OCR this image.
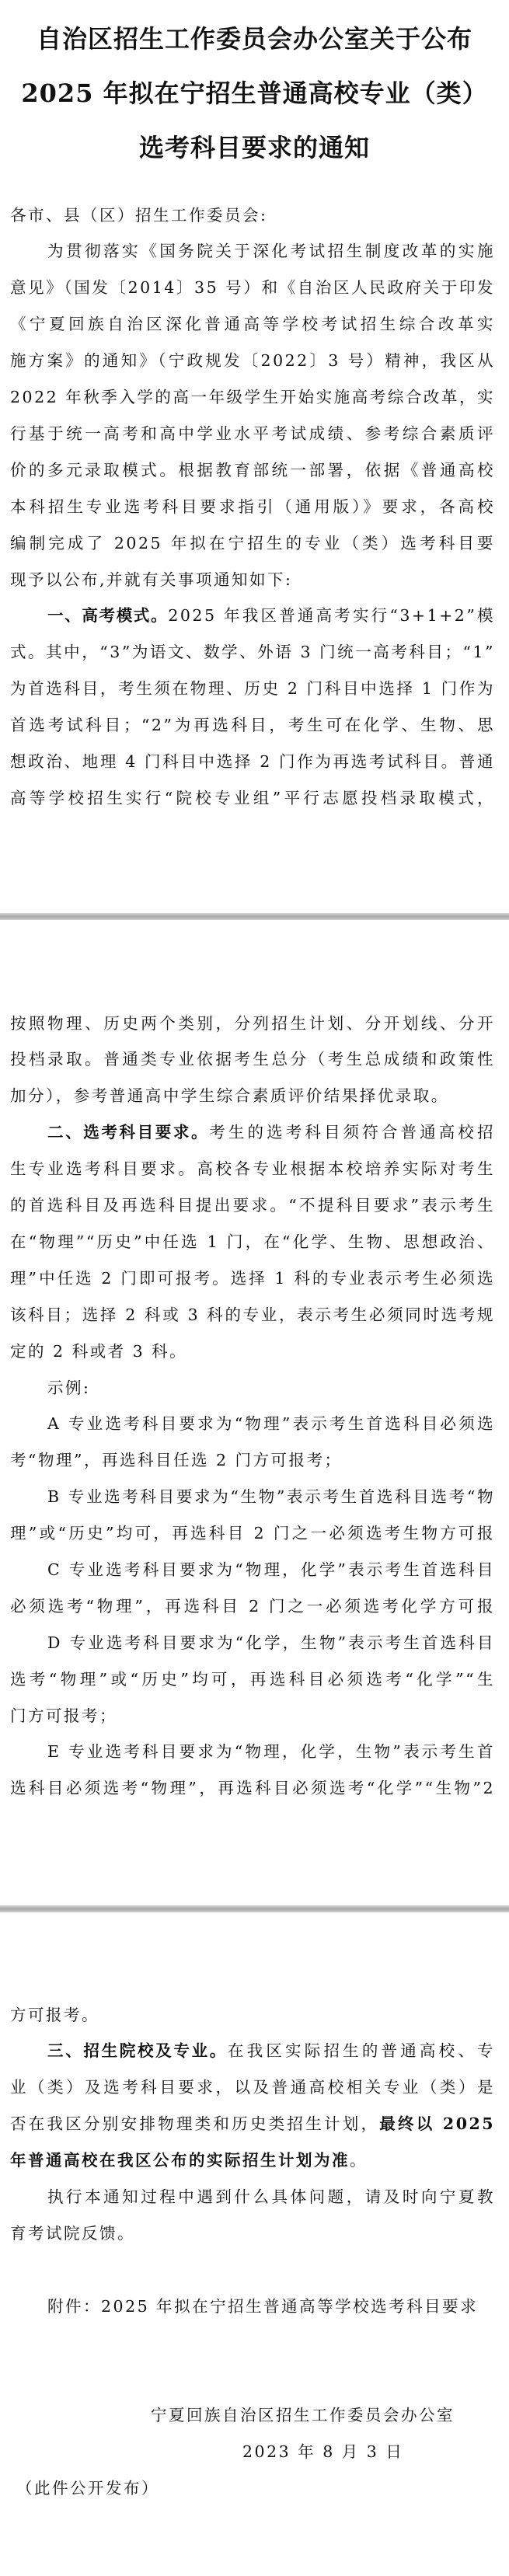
自治区招生工作委员会办公室关于公布
2025 年拟在宁招生普通高校专业（类）
选考科目要求的通知
各市、县（区）招生工作委员会:
为贯彻落实《国务院关于深化考试招生制度改革的实施
意见》（国发〔2014〕35 号）和《自治区人民政府关于印发
《宁夏回族自治区深化普通高等学校考试招生综合改革实
施方案》的通知》（宁政规发〔2022〕3 号）精神，我区从
2022 年秋季入学的高一年级学生开始实施高考综合改革，实
行基于统一高考和高中学业水平考试成绩、参考综合素质评
价的多元录取模式。根据教育部统一部署，依据《普通高校
本科招生专业选考科目要求指引（通用版）》要求，各高校
编制完成了 2025 年拟在宁招生的专业（类）选考科目要
现予以公布,并就有关事项通知如下:
一、高考模式。2025 年我区普通高考实行“3+1+2”模
式。其中，“3”为语文、数学、外语 3 门统一高考科目；“1”
为首选科目，考生须在物理、历史 2 门科目中选择 1 门作为
首选考试科目；“2”为再选科目，考生可在化学、生物、思
想政治、地理 4 门科目中选择 2 门作为再选考试科目。普通
高等学校招生实行“院校专业组”平行志愿投档录取模式，
按照物理、历史两个类别，分列招生计划、分开划线、分开
投档录取。普通类专业依据考生总分（考生总成绩和政策性
加分），参考普通高中学生综合素质评价结果择优录取。
二、选考科目要求。考生的选考科目须符合普通高校招
生专业选考科目要求。高校各专业根据本校培养实际对考生
的首选科目及再选科目提出要求。“不提科目要求”表示考生
在“物理”“历史”中任选 1 门，在“化学、生物、思想政治、
理”中任选 2 门即可报考。选择 1 科的专业表示考生必须选
该科目；选择 2 科或 3 科的专业，表示考生必须同时选考规
定的 2 科或者 3 科。
示例:
A 专业选考科目要求为“物理”表示考生首选科目必须选
考“物理”，再选科目任选 2 门方可报考；
B 专业选考科目要求为“生物”表示考生首选科目选考“物
理”或“历史”均可，再选科目 2 门之一必须选考生物方可报
C 专业选考科目要求为“物理，化学”表示考生首选科目
必须选考“物理”，再选科目 2 门之一必须选考化学方可报
D 专业选考科目要求为“化学，生物”表示考生首选科目
选考“物理”或“历史”均可，再选科目必须选考“化学”“生
门方可报考；
E 专业选考科目要求为“物理，化学，生物”表示考生首
选科目必须选考“物理”，再选科目必须选考“化学”“生物”2
方可报考。
三、招生院校及专业。在我区实际招生的普通高校、专
业（类）及选考科目要求，以及普通高校相关专业（类）是
否在我区分别安排物理类和历史类招生计划，最终以 2025
年普通高校在我区公布的实际招生计划为准。
执行本通知过程中遇到什么具体问题，请及时向宁夏教
育考试院反馈。
附件：2025 年拟在宁招生普通高等学校选考科目要求
宁夏回族自治区招生工作委员会办公室
2023 年 8 月 3 日
（此件公开发布）
